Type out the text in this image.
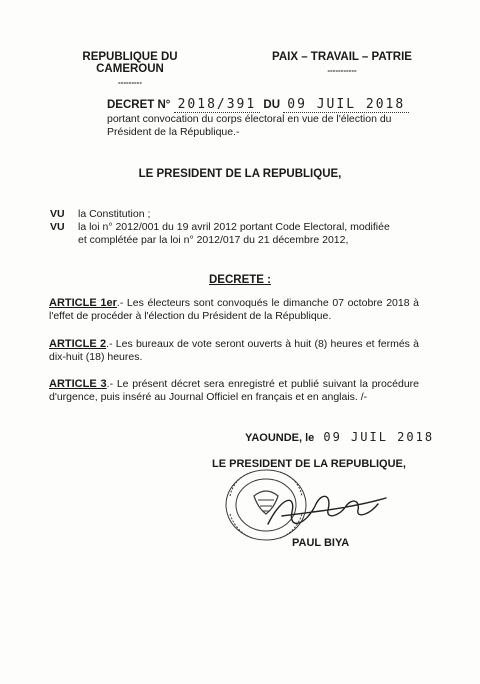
REPUBLIQUE DU CAMEROUN
---------
PAIX – TRAVAIL – PATRIE
-----------
DECRET N° 2018/391 DU 09 JUIL 2018
portant convocation du corps électoral en vue de l'élection du Président de la République.-
LE PRESIDENT DE LA REPUBLIQUE,
VU la Constitution ;
VU la loi n° 2012/001 du 19 avril 2012 portant Code Electoral, modifiée et complétée par la loi n° 2012/017 du 21 décembre 2012,
DECRETE :
ARTICLE 1er.- Les électeurs sont convoqués le dimanche 07 octobre 2018 à l'effet de procéder à l'élection du Président de la République.
ARTICLE 2.- Les bureaux de vote seront ouverts à huit (8) heures et fermés à dix-huit (18) heures.
ARTICLE 3.- Le présent décret sera enregistré et publié suivant la procédure d'urgence, puis inséré au Journal Officiel en français et en anglais. /-
YAOUNDE, le 09 JUIL 2018
LE PRESIDENT DE LA REPUBLIQUE,
PAUL BIYA
